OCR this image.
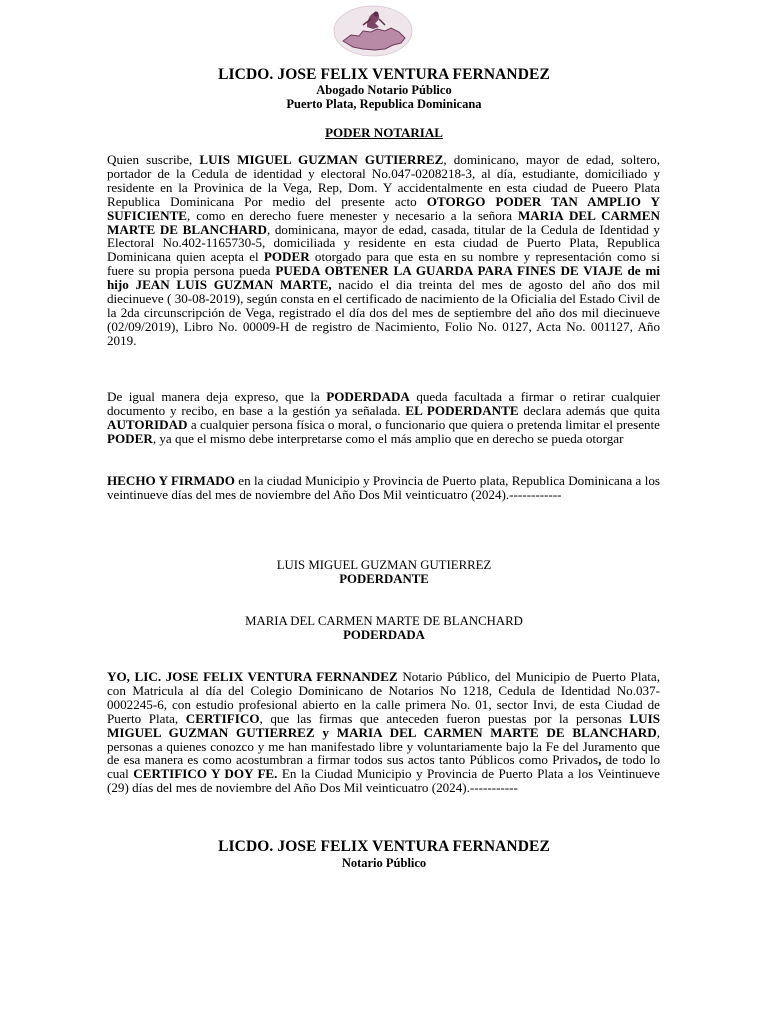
LICDO. JOSE FELIX VENTURA FERNANDEZ
Abogado Notario Público
Puerto Plata, Republica Dominicana
PODER NOTARIAL
Quien suscribe, LUIS MIGUEL GUZMAN GUTIERREZ, dominicano, mayor de edad, soltero, portador de la Cedula de identidad y electoral No.047-0208218-3, al día, estudiante, domiciliado y residente en la Provinica de la Vega, Rep, Dom. Y accidentalmente en esta ciudad de Pueero Plata Republica Dominicana Por medio del presente acto OTORGO PODER TAN AMPLIO Y SUFICIENTE, como en derecho fuere menester y necesario a la señora MARIA DEL CARMEN MARTE DE BLANCHARD, dominicana, mayor de edad, casada, titular de la Cedula de Identidad y Electoral No.402-1165730-5, domiciliada y residente en esta ciudad de Puerto Plata, Republica Dominicana quien acepta el PODER otorgado para que esta en su nombre y representación como si fuere su propia persona pueda PUEDA OBTENER LA GUARDA PARA FINES DE VIAJE de mi hijo JEAN LUIS GUZMAN MARTE, nacido el dia treinta del mes de agosto del año dos mil diecinueve ( 30-08-2019), según consta en el certificado de nacimiento de la Oficialia del Estado Civil de la 2da circunscripción de Vega, registrado el día dos del mes de septiembre del año dos mil diecinueve (02/09/2019), Libro No. 00009-H de registro de Nacimiento, Folio No. 0127, Acta No. 001127, Año 2019.
De igual manera deja expreso, que la PODERDADA queda facultada a firmar o retirar cualquier documento y recibo, en base a la gestión ya señalada. EL PODERDANTE declara además que quita AUTORIDAD a cualquier persona física o moral, o funcionario que quiera o pretenda limitar el presente PODER, ya que el mismo debe interpretarse como el más amplio que en derecho se pueda otorgar
HECHO Y FIRMADO en la ciudad Municipio y Provincia de Puerto plata, Republica Dominicana a los veintinueve días del mes de noviembre del Año Dos Mil veinticuatro (2024).------------
LUIS MIGUEL GUZMAN GUTIERREZ
PODERDANTE
MARIA DEL CARMEN MARTE DE BLANCHARD
PODERDADA
YO, LIC. JOSE FELIX VENTURA FERNANDEZ Notario Público, del Municipio de Puerto Plata, con Matricula al día del Colegio Dominicano de Notarios No 1218, Cedula de Identidad No.037-0002245-6, con estudio profesional abierto en la calle primera No. 01, sector Invi, de esta Ciudad de Puerto Plata, CERTIFICO, que las firmas que anteceden fueron puestas por la personas LUIS MIGUEL GUZMAN GUTIERREZ y MARIA DEL CARMEN MARTE DE BLANCHARD, personas a quienes conozco y me han manifestado libre y voluntariamente bajo la Fe del Juramento que de esa manera es como acostumbran a firmar todos sus actos tanto Públicos como Privados, de todo lo cual CERTIFICO Y DOY FE. En la Ciudad Municipio y Provincia de Puerto Plata a los Veintinueve (29) días del mes de noviembre del Año Dos Mil veinticuatro (2024).-----------
LICDO. JOSE FELIX VENTURA FERNANDEZ
Notario Público
